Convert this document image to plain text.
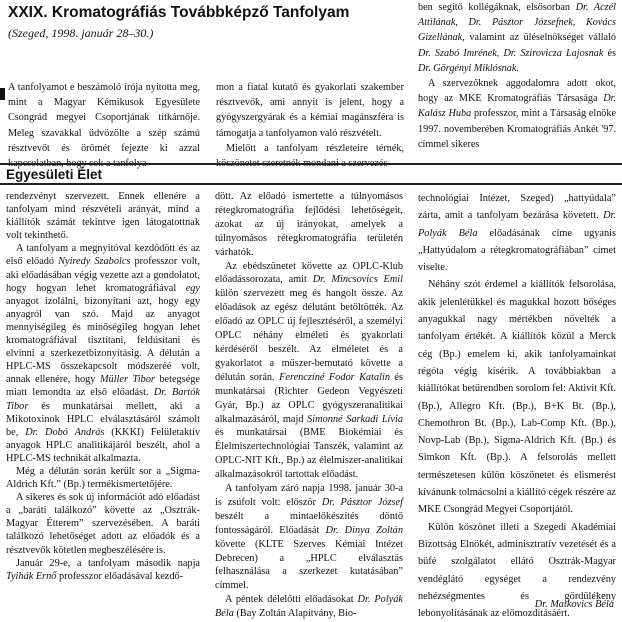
XXIX. Kromatográfiás Továbbképző Tanfolyam

(Szeged, 1998. január 28–30.)

A tanfolyamot e beszámoló írója nyitotta meg, mint a Magyar Kémikusok Egyesülete Csongrád megyei Csoportjának titkárnője. Meleg szavakkal üdvözölte a szép számú résztvevőt és örömét fejezte ki azzal

mon a fiatal kutató és gyakorlati szakember résztvevők, ami annyit is jelent, hogy a gyógyszergyárak és a kémiai magánszféra is támogatja a tanfolyamon való részvételt.

Mielőtt a tanfolyam részleteire térnék,

ben segítő kollégáknak, elsősorban Dr. Aczél Attilának, Dr. Pásztor Józsefnek, Kovács Gizellának, valamint az üléselnökséget vállaló Dr. Szabó Imrének, Dr. Szirovicza Lajosnak és Dr. Görgényi Miklósnak.

A szervezőknek aggodalomra adott okot, hogy az MKE Kromatográfiás Társasága Dr. Kalász Huba professzor, mint a Társaság elnöke 1997. novemberében Kromatográfiás Ankét '97. címmel sikeres

Egyesületi Élet

rendezvényt szervezett. Ennek ellenére a tanfolyam mind részvételi arányát, mind a kiállítók számát tekintve igen látogatottnak volt tekinthető.

A tanfolyam a megnyitóval kezdődött és az első előadó Nyiredy Szabolcs professzor volt, aki előadásában végig vezette azt a gondolatot, hogy hogyan lehet kromatográfiával egy anyagot izolálni, bizonyítani azt, hogy egy anyagról van szó. Majd az anyagot mennyiségileg és minőségileg hogyan lehet kromatográfiával tisztítani, feldúsítani és elvinni a szerkezetbizonyításig. A délután a HPLC-MS összekapcsolt módszeréé volt, annak ellenére, hogy Müller Tibor betegsége miatt lemondta az első előadást. Dr. Bartók Tibor és munkatársai mellett, aki a Mikotoxinok HPLC elválasztásáról számolt be, Dr. Dobó András (KKKI) Felületaktív anyagok HPLC analitikájáról beszélt, ahol a HPLC-MS technikát alkalmazta.

Még a délután során került sor a „Sigma-Aldrich Kft.” (Bp.) termékismertetőjére.

A sikeres és sok új információt adó előadást a „baráti találkozó” követte az „Osztrák-Magyar Étterem” szervezésében. A baráti találkozó lehetőséget adott az előadók és a résztvevők kötetlen megbeszélésére is.

Január 29-e, a tanfolyam második napja Tyihák Ernő professzor előadásával kezdő-

dött. Az előadó ismertette a túlnyomásos rétegkromatográfia fejlődési lehetőségeit, azokat az új irányokat, amelyek a túlnyomásos rétegkromatográfia területén várhatók.

Az ebédszünetet követte az OPLC-Klub előadássorozata, amit Dr. Mincsovics Emil külön szervezett meg és hangolt össze. Az előadások az egész délutánt betöltötték. Az előadó az OPLC új fejlesztéséről, a személyi OPLC néhány elméleti és gyakorlati kérdéséről beszélt. Az elméletet és a gyakorlatot a műszer-bemutató követte a délután során. Ferenczíné Fodor Katalin és munkatársai (Richter Gedeon Vegyészeti Gyár, Bp.) az OPLC gyógyszeranalitikai alkalmazásáról, majd Simonné Sarkadi Lívia és munkatársai (BME Biokémiai és Élelmiszertechnológiai Tanszék, valamint az OPLC-NIT Kft., Bp.) az élelmiszer-analitikai alkalmazásokról tartottak előadást.

A tanfolyam záró napja 1998. január 30-a is zsúfolt volt: először Dr. Pásztor József beszélt a mintaelőkészítés döntő fontosságáról. Előadását Dr. Dinya Zoltán követte (KLTE Szerves Kémiai Intézet Debrecen) a „HPLC elválasztás felhasználása a szerkezet kutatásában” címmel.

A péntek délelőtti előadásokat Dr. Polyák Béla (Bay Zoltán Alapítvány, Bio-

technológiai Intézet, Szeged) „hattyúdala” zárta, amit a tanfolyam bezárása követett. Dr. Polyák Béla előadásának címe ugyanis „Hattyúdalom a rétegkromatográfiában” címet viselte.

Néhány szót érdemel a kiállítók felsorolása, akik jelenlétükkel és magukkal hozott böséges anyagukkal nagy mértékben növelték a tanfolyam értékét. A kiállítók közül a Merck cég (Bp.) emelem ki, akik tanfolyamainkat régóta végig kísérik. A továbbiakban a kiállítókat betűrendben sorolom fel: Aktivit Kft. (Bp.), Allegro Kft. (Bp.), B+K Bt. (Bp.), Chemothron Bt. (Bp.), Lab-Comp Kft. (Bp.), Novp-Lab (Bp.), Sigma-Aldrich Kft. (Bp.) és Simkon Kft. (Bp.). A felsorolás mellett természetesen külön köszönetet és elismerést kívánunk tolmácsolni a kiállító cégek részére az MKE Csongrád Megyei Csoportjától.

Külön köszönet illeti a Szegedi Akadémiai Bizottság Elnökét, adminisztratív vezetését és a büfé szolgálatot ellátó Osztrák-Magyar vendéglátó egységet a rendezvény nehézségmentes és gördülékeny lebonyolításának az előmozdításáért.

Dr. Matkovics Béla
